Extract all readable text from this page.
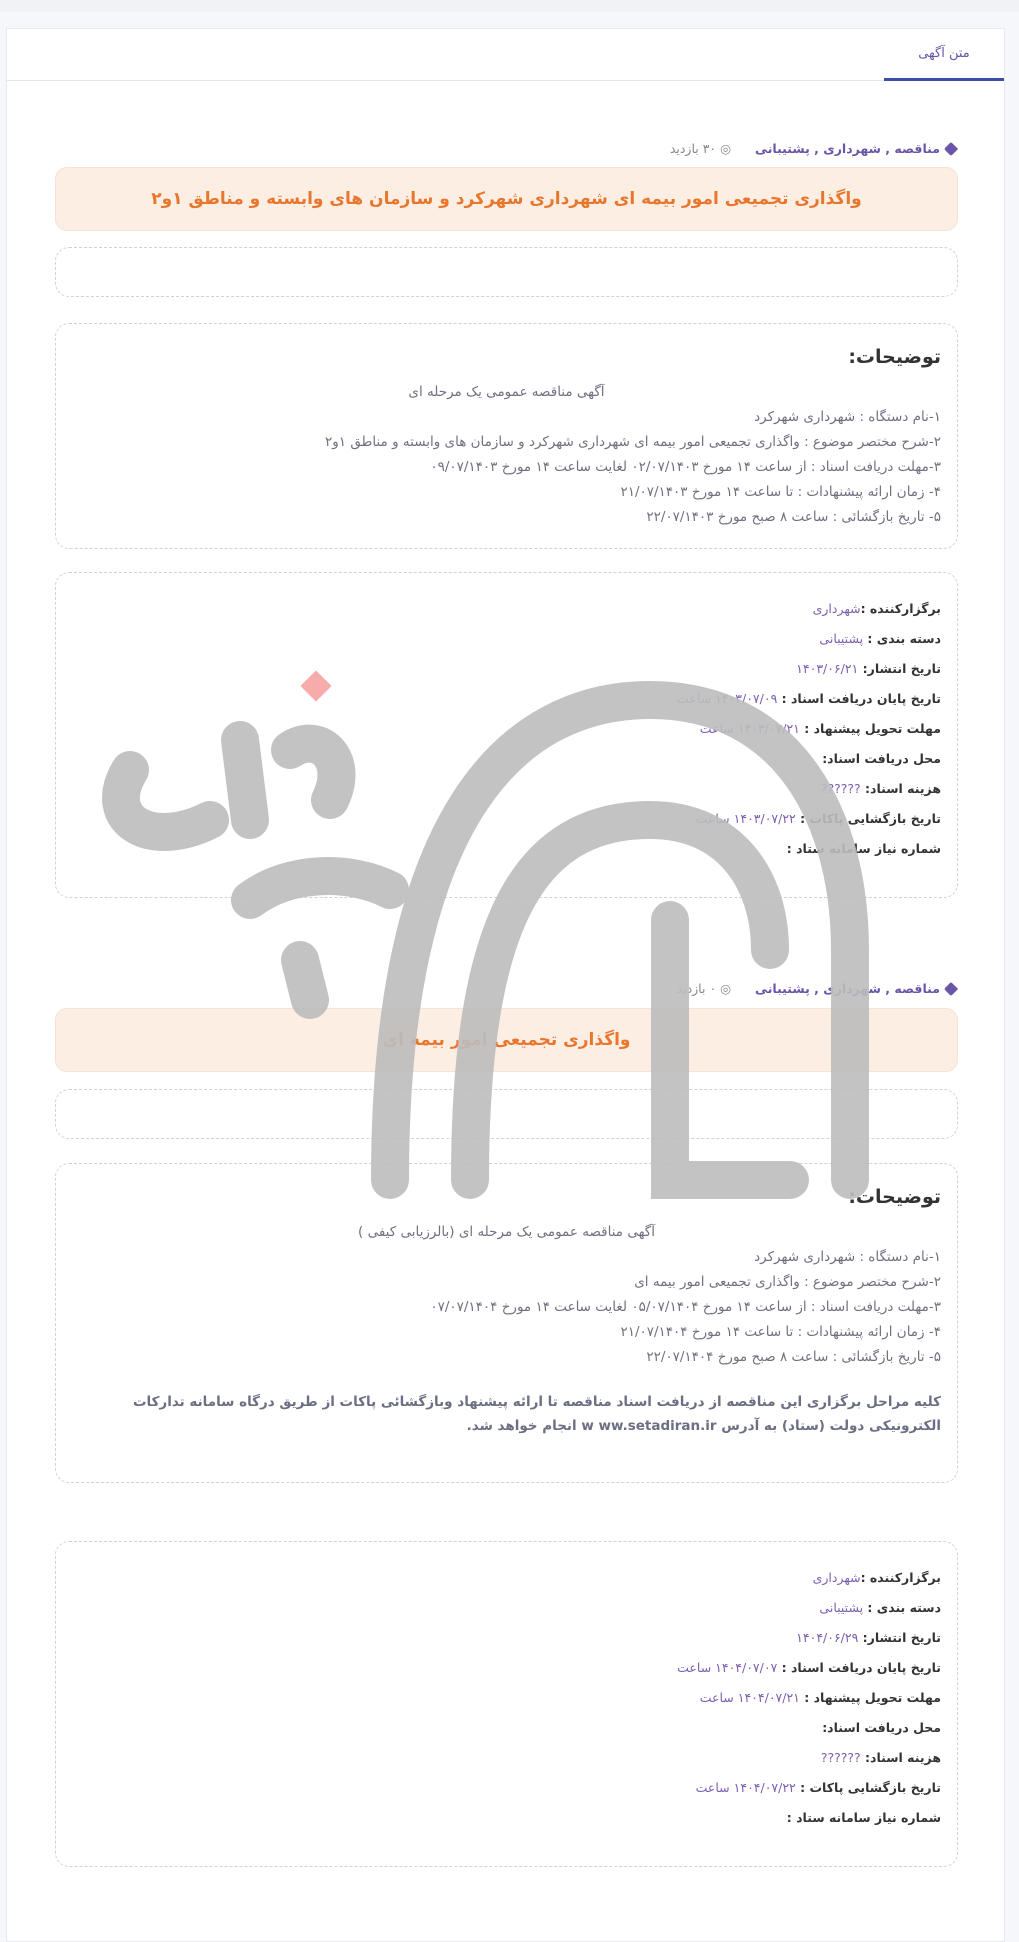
متن آگهی
مناقصه , شهرداری , پشتیبانی
◎ ۳۰ بازدید
واگذاری تجمیعی امور بیمه ای شهرداری شهرکرد و سازمان های وابسته و مناطق ۱و۲
توضیحات:
آگهی مناقصه عمومی یک مرحله ای
۱-نام دستگاه : شهرداری شهرکرد
۲-شرح مختصر موضوع : واگذاری تجمیعی امور بیمه ای شهرداری شهرکرد و سازمان های وابسته و مناطق ۱و۲
۳-مهلت دریافت اسناد : از ساعت ۱۴ مورخ ۰۲/۰۷/۱۴۰۳ لغایت ساعت ۱۴ مورخ ۰۹/۰۷/۱۴۰۳
۴- زمان ارائه پیشنهادات : تا ساعت ۱۴ مورخ ۲۱/۰۷/۱۴۰۳
۵- تاریخ بازگشائی : ساعت ۸ صبح مورخ ۲۲/۰۷/۱۴۰۳
برگزارکننده :شهرداری
دسته بندی : پشتیبانی
تاریخ انتشار: ۱۴۰۳/۰۶/۲۱
تاریخ پایان دریافت اسناد : ۱۴۰۳/۰۷/۰۹ ساعت
مهلت تحویل پیشنهاد : ۱۴۰۳/۰۷/۲۱ ساعت
محل دریافت اسناد:
هزینه اسناد: ??????
تاریخ بازگشایی پاکات : ۱۴۰۳/۰۷/۲۲ ساعت
شماره نیاز سامانه ستاد :
مناقصه , شهرداری , پشتیبانی
◎ ۰ بازدید
واگذاری تجمیعی امور بیمه ای
توضیحات:
آگهی مناقصه عمومی یک مرحله ای (بالرزیابی کیفی )
۱-نام دستگاه : شهرداری شهرکرد
۲-شرح مختصر موضوع : واگذاری تجمیعی امور بیمه ای
۳-مهلت دریافت اسناد : از ساعت ۱۴ مورخ ۰۵/۰۷/۱۴۰۴ لغایت ساعت ۱۴ مورخ ۰۷/۰۷/۱۴۰۴
۴- زمان ارائه پیشنهادات : تا ساعت ۱۴ مورخ ۲۱/۰۷/۱۴۰۴
۵- تاریخ بازگشائی : ساعت ۸ صبح مورخ ۲۲/۰۷/۱۴۰۴
کلیه مراحل برگزاری این مناقصه از دریافت اسناد مناقصه تا ارائه پیشنهاد وبازگشائی پاکات از طریق درگاه سامانه تدارکات الکترونیکی دولت (ستاد) به آدرس w ww.setadiran.ir انجام خواهد شد.
برگزارکننده :شهرداری
دسته بندی : پشتیبانی
تاریخ انتشار: ۱۴۰۴/۰۶/۲۹
تاریخ پایان دریافت اسناد : ۱۴۰۴/۰۷/۰۷ ساعت
مهلت تحویل پیشنهاد : ۱۴۰۴/۰۷/۲۱ ساعت
محل دریافت اسناد:
هزینه اسناد: ??????
تاریخ بازگشایی پاکات : ۱۴۰۴/۰۷/۲۲ ساعت
شماره نیاز سامانه ستاد :
